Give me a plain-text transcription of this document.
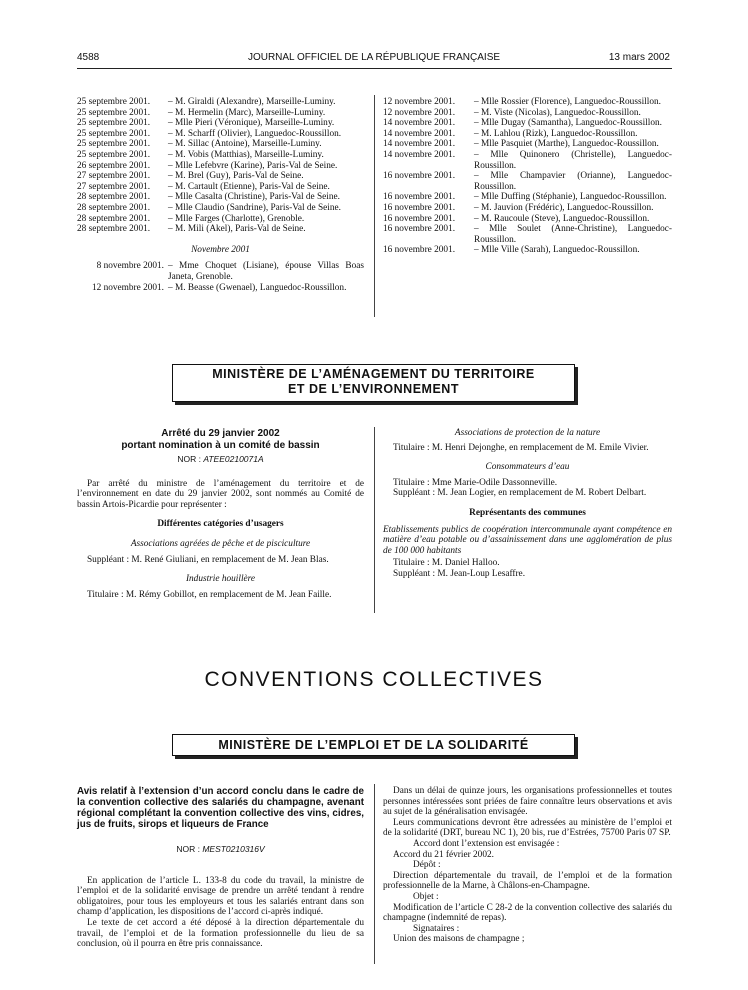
4588	JOURNAL OFFICIEL DE LA RÉPUBLIQUE FRANÇAISE	13 mars 2002
25 septembre 2001.	– M. Giraldi (Alexandre), Marseille-Luminy.
25 septembre 2001.	– M. Hermelin (Marc), Marseille-Luminy.
25 septembre 2001.	– Mlle Pieri (Véronique), Marseille-Luminy.
25 septembre 2001.	– M. Scharff (Olivier), Languedoc-Roussillon.
25 septembre 2001.	– M. Sillac (Antoine), Marseille-Luminy.
25 septembre 2001.	– M. Vobis (Matthias), Marseille-Luminy.
26 septembre 2001.	– Mlle Lefebvre (Karine), Paris-Val de Seine.
27 septembre 2001.	– M. Brel (Guy), Paris-Val de Seine.
27 septembre 2001.	– M. Cartault (Etienne), Paris-Val de Seine.
28 septembre 2001.	– Mlle Casalta (Christine), Paris-Val de Seine.
28 septembre 2001.	– Mlle Claudio (Sandrine), Paris-Val de Seine.
28 septembre 2001.	– Mlle Farges (Charlotte), Grenoble.
28 septembre 2001.	– M. Mili (Akel), Paris-Val de Seine.
Novembre 2001
8 novembre 2001. – Mme Choquet (Lisiane), épouse Villas Boas Janeta, Grenoble.
12 novembre 2001. – M. Beasse (Gwenael), Languedoc-Roussillon.
12 novembre 2001.	– Mlle Rossier (Florence), Languedoc-Roussillon.
12 novembre 2001.	– M. Viste (Nicolas), Languedoc-Roussillon.
14 novembre 2001.	– Mlle Dugay (Samantha), Languedoc-Roussillon.
14 novembre 2001.	– M. Lahlou (Rizk), Languedoc-Roussillon.
14 novembre 2001.	– Mlle Pasquiet (Marthe), Languedoc-Roussillon.
14 novembre 2001.	– Mlle Quinonero (Christelle), Languedoc-Roussillon.
16 novembre 2001.	– Mlle Champavier (Orianne), Languedoc-Roussillon.
16 novembre 2001.	– Mlle Duffing (Stéphanie), Languedoc-Roussillon.
16 novembre 2001.	– M. Jauvion (Frédéric), Languedoc-Roussillon.
16 novembre 2001.	– M. Raucoule (Steve), Languedoc-Roussillon.
16 novembre 2001.	– Mlle Soulet (Anne-Christine), Languedoc-Roussillon.
16 novembre 2001.	– Mlle Ville (Sarah), Languedoc-Roussillon.
MINISTÈRE DE L’AMÉNAGEMENT DU TERRITOIRE
ET DE L’ENVIRONNEMENT
Arrêté du 29 janvier 2002
portant nomination à un comité de bassin
NOR : ATEE0210071A

Par arrêté du ministre de l’aménagement du territoire et de l’environnement en date du 29 janvier 2002, sont nommés au Comité de bassin Artois-Picardie pour représenter :

Différentes catégories d’usagers
Associations agréées de pêche et de pisciculture

Suppléant : M. René Giuliani, en remplacement de M. Jean Blas.

Industrie houillère

Titulaire : M. Rémy Gobillot, en remplacement de M. Jean Faille.

Associations de protection de la nature

Titulaire : M. Henri Dejonghe, en remplacement de M. Emile Vivier.

Consommateurs d’eau

Titulaire : Mme Marie-Odile Dassonneville.

Suppléant : M. Jean Logier, en remplacement de M. Robert Delbart.

Représentants des communes

Etablissements publics de coopération intercommunale ayant compétence en matière d’eau potable ou d’assainissement dans une agglomération de plus de 100 000 habitants

Titulaire : M. Daniel Halloo.

Suppléant : M. Jean-Loup Lesaffre.

CONVENTIONS COLLECTIVES
MINISTÈRE DE L’EMPLOI ET DE LA SOLIDARITÉ
Avis relatif à l’extension d’un accord conclu dans le cadre de la convention collective des salariés du champagne, avenant régional complétant la convention collective des vins, cidres, jus de fruits, sirops et liqueurs de France
NOR : MEST0210316V

En application de l’article L. 133-8 du code du travail, la ministre de l’emploi et de la solidarité envisage de prendre un arrêté tendant à rendre obligatoires, pour tous les employeurs et tous les salariés entrant dans son champ d’application, les dispositions de l’accord ci-après indiqué.

Le texte de cet accord a été déposé à la direction départementale du travail, de l’emploi et de la formation professionnelle du lieu de sa conclusion, où il pourra en être pris connaissance.

Dans un délai de quinze jours, les organisations professionnelles et toutes personnes intéressées sont priées de faire connaître leurs observations et avis au sujet de la généralisation envisagée.

Leurs communications devront être adressées au ministère de l’emploi et de la solidarité (DRT, bureau NC 1), 20 bis, rue d’Estrées, 75700 Paris 07 SP.

Accord dont l’extension est envisagée :

Accord du 21 février 2002.

Dépôt :

Direction départementale du travail, de l’emploi et de la formation professionnelle de la Marne, à Châlons-en-Champagne.

Objet :

Modification de l’article C 28-2 de la convention collective des salariés du champagne (indemnité de repas).

Signataires :

Union des maisons de champagne ;
